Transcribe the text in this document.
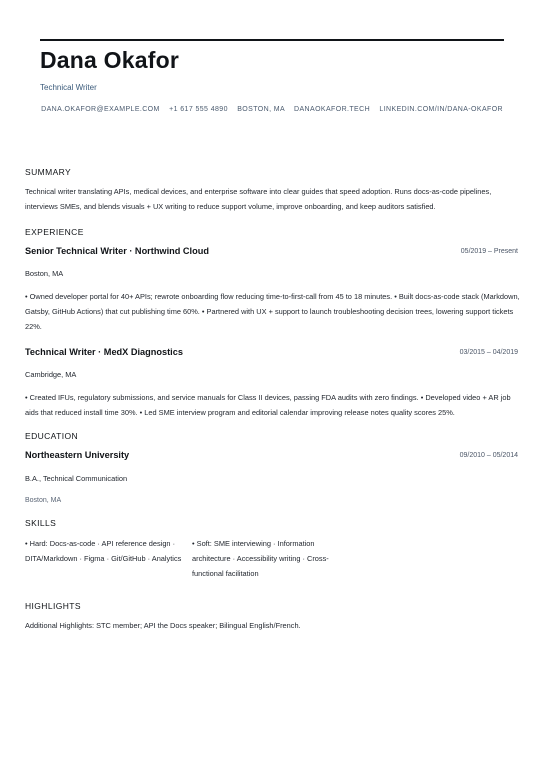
Dana Okafor
Technical Writer
DANA.OKAFOR@EXAMPLE.COM +1 617 555 4890 BOSTON, MA DANAOKAFOR.TECH LINKEDIN.COM/IN/DANA-OKAFOR
SUMMARY
Technical writer translating APIs, medical devices, and enterprise software into clear guides that speed adoption. Runs docs-as-code pipelines, interviews SMEs, and blends visuals + UX writing to reduce support volume, improve onboarding, and keep auditors satisfied.
EXPERIENCE
Senior Technical Writer · Northwind Cloud	05/2019 – Present
Boston, MA
• Owned developer portal for 40+ APIs; rewrote onboarding flow reducing time-to-first-call from 45 to 18 minutes. • Built docs-as-code stack (Markdown, Gatsby, GitHub Actions) that cut publishing time 60%. • Partnered with UX + support to launch troubleshooting decision trees, lowering support tickets 22%.
Technical Writer · MedX Diagnostics	03/2015 – 04/2019
Cambridge, MA
• Created IFUs, regulatory submissions, and service manuals for Class II devices, passing FDA audits with zero findings. • Developed video + AR job aids that reduced install time 30%. • Led SME interview program and editorial calendar improving release notes quality scores 25%.
EDUCATION
Northeastern University	09/2010 – 05/2014
B.A., Technical Communication
Boston, MA
SKILLS
• Hard: Docs-as-code · API reference design · DITA/Markdown · Figma · Git/GitHub · Analytics
• Soft: SME interviewing · Information architecture · Accessibility writing · Cross-functional facilitation
HIGHLIGHTS
Additional Highlights: STC member; API the Docs speaker; Bilingual English/French.
